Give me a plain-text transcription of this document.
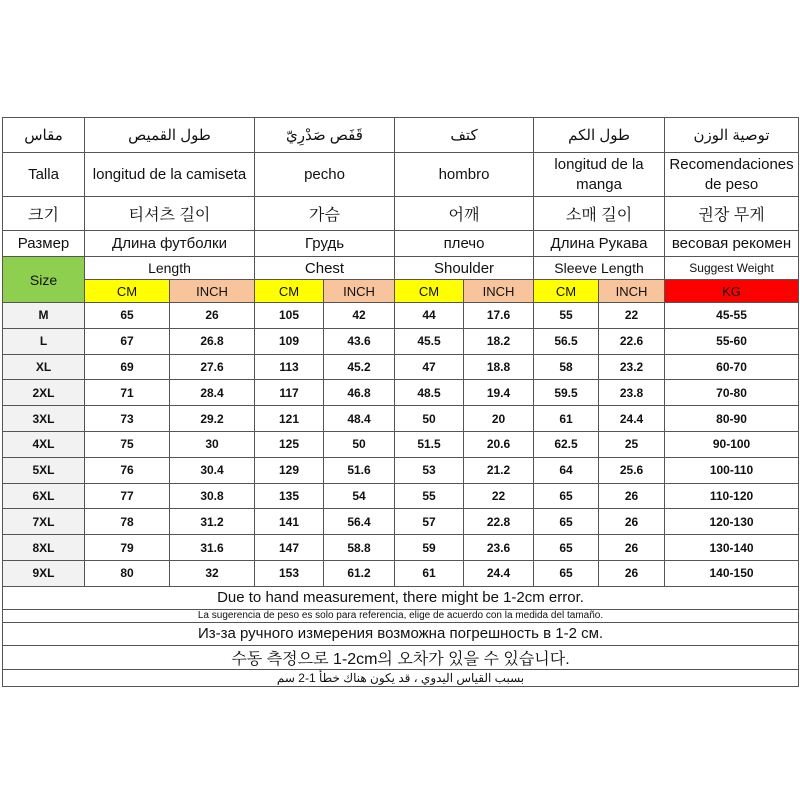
مقاس	طول القميص		قَفَص صَدْرِيّ		كتف		طول الكم		توصية الوزن
Talla	longitud de la camiseta		pecho		hombro		longitud de la manga		Recomendaciones de peso
크기	티셔츠 길이		가슴		어깨		소매 길이		권장 무게
Размер	Длина футболки		Грудь		плечо		Длина Рукава		весовая рекомен
Size	Length		Chest		Shoulder		Sleeve Length		Suggest Weight
	CM	INCH	CM	INCH	CM	INCH	CM	INCH	KG
M	65	26	105	42	44	17.6	55	22	45-55
L	67	26.8	109	43.6	45.5	18.2	56.5	22.6	55-60
XL	69	27.6	113	45.2	47	18.8	58	23.2	60-70
2XL	71	28.4	117	46.8	48.5	19.4	59.5	23.8	70-80
3XL	73	29.2	121	48.4	50	20	61	24.4	80-90
4XL	75	30	125	50	51.5	20.6	62.5	25	90-100
5XL	76	30.4	129	51.6	53	21.2	64	25.6	100-110
6XL	77	30.8	135	54	55	22	65	26	110-120
7XL	78	31.2	141	56.4	57	22.8	65	26	120-130
8XL	79	31.6	147	58.8	59	23.6	65	26	130-140
9XL	80	32	153	61.2	61	24.4	65	26	140-150
Due to hand measurement, there might be 1-2cm error.									
La sugerencia de peso es solo para referencia, elige de acuerdo con la medida del tamaño.									
Из-за ручного измерения возможна погрешность в 1-2 см.									
수동 측정으로 1-2cm의 오차가 있을 수 있습니다.									
بسبب القياس اليدوي ، قد يكون هناك خطأ 1-2 سم									
